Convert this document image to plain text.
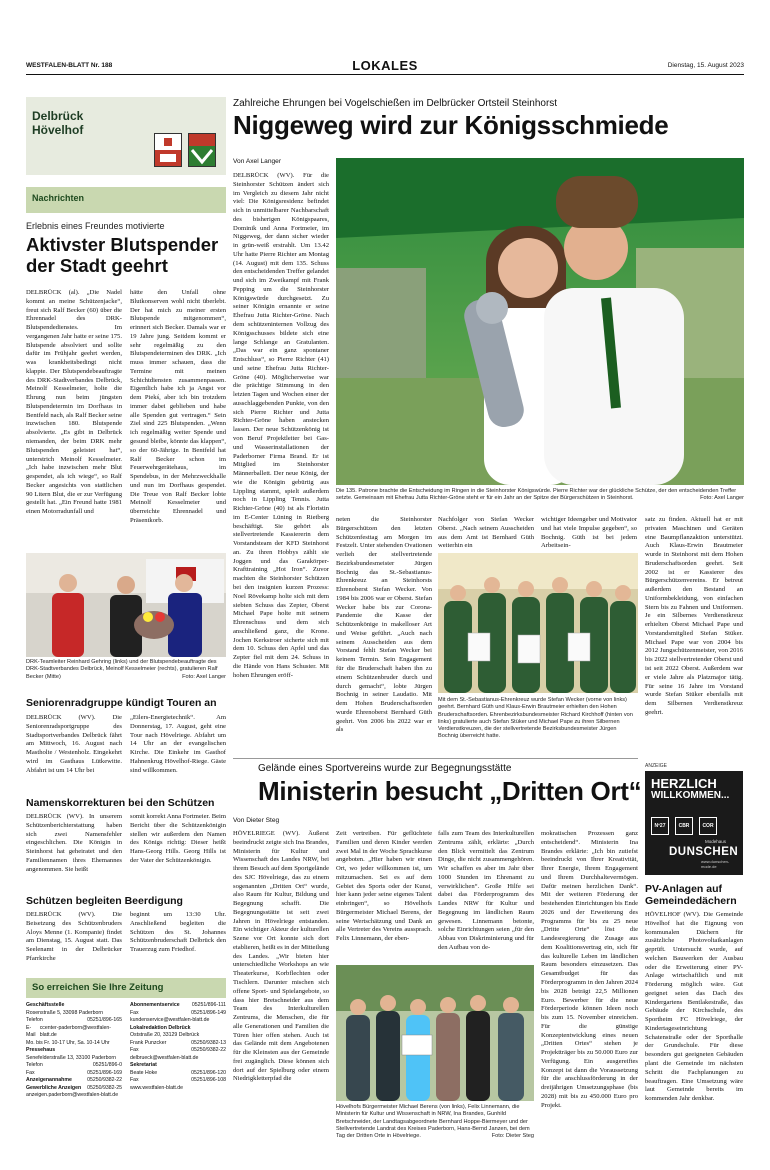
WESTFALEN-BLATT Nr. 188	LOKALES	Dienstag, 15. August 2023
Delbrück
Hövelhof
Nachrichten
Erlebnis eines Freundes motivierte
Aktivster Blutspender
der Stadt geehrt
DELBRÜCK (al). „Die Nadel kommt an meine Schützenjacke“, freut sich Ralf Becker (60) über die Ehrennadel des DRK-Blutspendedienstes. Im vergangenen Jahr hatte er seine 175. Blutspende absolviert und sollte dafür im Frühjahr geehrt werden, was krankheitsbedingt nicht klappte. Der Blutspendebeauftragte des DRK-Stadtverbandes Delbrück, Meinolf Kesselmeier, holte die Ehrung nun beim jüngsten Blutspendetermin im Dorfhaus in Bentfeld nach, als Ralf Becker seine inzwischen 180. Blutspende absolvierte. „Es gibt in Delbrück niemanden, der beim DRK mehr Blutspenden geleistet hat“, unterstrich Meinolf Kesselmeier. „Ich habe inzwischen mehr Blut gespendet, als ich wiege“, so Ralf Becker angesichts von stattlichen 90 Litern Blut, die er zur Verfügung gestellt hat. „Ein Freund hatte 1981 einen Motorradunfall und
hätte den Unfall ohne Blutkonserven wohl nicht überlebt. Der hat mich zu meiner ersten Blutspende mitgenommen“, erinnert sich Becker. Damals war er 19 Jahre jung. Seitdem kommt er sehr regelmäßig zu den Blutspendeterminen des DRK. „Ich muss immer schauen, dass die Termine mit meinen Schichtdiensten zusammenpassen. Eigentlich habe ich ja Angst vor dem Piekś, aber ich bin trotzdem immer dabei geblieben und habe alle Spenden gut vertragen.“ Sein Ziel sind 225 Blutspenden. „Wenn ich regelmäßig weiter Spende und gesund bleibe, könnte das klappen“, so der 60-Jährige. In Bentfeld hat Ralf Becker schon im Feuerwehrgerätehaus, im Spendebus, in der Mehrzweckhalle und nun im Dorfhaus gespendet. Die Treue von Ralf Becker lobte Meinolf Kesselmeier und überreichte Ehrennadel und Präsentkorb.
DRK-Teamleiter Reinhard Gehring (links) und der Blutspendebeauftragte des DRK-Stadtverbandes Delbrück, Meinolf Kesselmeier (rechts), gratulieren Ralf Becker (Mitte)	Foto: Axel Langer
Seniorenradgruppe kündigt Touren an
DELBRÜCK (WV). Die Seniorenradsportgruppe des Stadtsportverbandes Delbrück fährt am Mittwoch, 16. August nach Mastholte / Westenholz. Eingekehrt wird im Gasthaus Lütkewitte. Abfahrt ist um 14 Uhr bei
„Eilers-Energietechnik“. Am Donnerstag, 17. August, geht eine Tour nach Hövelriege. Abfahrt um 14 Uhr an der evangelischen Kirche. Die Einkehr im Gasthof Hahnenkrug Hövelhof-Riege. Gäste sind willkommen.
Namenskorrekturen bei den Schützen
DELBRÜCK (WV). In unserem Schützenberichterstattung haben sich zwei Namensfehler eingeschlichen. Die Königin in Steinhorst hat geheiratet und den Familiennamen ihres Ehemannes angenommen. Sie heißt
somit korrekt Anna Fortmeier. Beim Bericht über die Schützenkönigin stellen wir außerdem den Namen des Königs richtig: Dieser heißt Hans-Georg Hills. Georg Hills ist der Vater der Schützenkönigin.
Schützen begleiten Beerdigung
DELBRÜCK (WV). Die Beisetzung des Schützenbruders Aloys Menne (1. Kompanie) findet am Dienstag, 15. August statt. Das Seelenamt in der Delbrücker Pfarrkirche
beginnt um 13:30 Uhr. Anschließend begleiten die Schützen des St. Johannes Schützenbruderschaft Delbrück den Trauerzug zum Friedhof.
So erreichen Sie Ihre Zeitung
Geschäftsstelle
Rosenstraße 5, 33098 Paderborn
Telefon	05251/896-165
E-Mail
ccenter-paderborn@westfalen-blatt.de
Mo. bis Fr. 10-17 Uhr, Sa. 10-14 Uhr
Pressehaus
Senefelderstraße 13, 33100 Paderborn
Telefon	05251/896-0
Fax	05251/896-169
Anzeigenannahme	05250/9382-22
Gewerbliche Anzeigen 05250/9382-25
anzeigen.paderborn@westfalen-blatt.de
Abonnementservice 05251/896-111
Fax	05251/896-149
kundenservice@westfalen-blatt.de
Lokalredaktion Delbrück
Oststraße 20, 33129 Delbrück
Frank Punzcker	05250/9382-13
Fax	05250/9382-22
delbrueck@westfalen-blatt.de
Sekretariat
Beate Hoke	05251/896-120
Fax	05251/896-108
www.westfalen-blatt.de
Zahlreiche Ehrungen bei Vogelschießen im Delbrücker Ortsteil Steinhorst
Niggeweg wird zur Königsschmiede
Von Axel Langer
DELBRÜCK (WV). Für die Steinhorster Schützen ändert sich im Vergleich zu diesem Jahr nicht viel: Die Königsresidenz befindet sich in unmittelbarer Nachbarschaft des bisherigen Königspaares, Dominik und Anna Fortmeier, im Niggeweg, der dann sicher wieder in grün-weiß erstrahlt. Um 13.42 Uhr hatte Pierre Richter am Montag (14. August) mit dem 135. Schuss den entscheidenden Treffer gelandet und sich im Zweikampf mit Frank Pepping um die Steinhorster Königswürde durchgesetzt. Zu seiner Königin ernannte er seine Ehefrau Jutta Richter-Gröne. Nach dem schützeninternen Vollzug des Königsschusses bildete sich eine lange Schlange an Gratulanten. „Das war ein ganz spontaner Entschluss“, so Pierre Richter (41) und seine Ehefrau Jutta Richter-Gröne (40). Möglicherweise war die prächtige Stimmung in den letzten Tagen und Wochen einer der ausschlaggebenden Punkte, von den sich Pierre Richter und Jutta Richter-Gröne haben anstecken lassen. Der neue Schützenkönig ist von Beruf Projektleiter bei Gas- und Wasserinstallationen der Paderborner Firma Brand. Er ist Mitglied im Steinhorster Männerballett. Der neue König, der wie die Königin gebürtig aus Lippling stammt, spielt außerdem noch in Lippling Tennis. Jutta Richter-Gröne (40) ist als Floristin im E-Center Lüning in Rietberg beschäftigt. Sie gehört als stellvertretende Kassiererin dem Vorstandsteam der KFD Steinhorst an. Zu ihren Hobbys zählt sie Joggen und das Garakörper-Krafttraining „Hot Iron“. Zuvor machten die Steinhorster Schützen bei den insignien kurzen Prozess: Noel Rövekamp holte sich mit dem siebten Schuss das Zepter, Oberst Michael Pape holte mit seinem Ehrenschuss und dem sich anschließend ganz, die Krone. Jochen Kerkstroer sicherte sich mit dem 10. Schuss den Apfel und das Zepter fiel mit dem 24. Schuss in die Hände von Hans Schuster. Mit hohen Ehrungen eröff-
Die 135. Patrone brachte die Entscheidung im Ringen in die Steinhorster Königswürde. Pierre Richter war der glückliche Schütze, der den entscheidenden Treffer setzte. Gemeinsam mit Ehefrau Jutta Richter-Gröne steht er für ein Jahr an der Spitze der Bürgerschützen in Steinhorst.	Foto: Axel Langer
neten die Steinhorster Bürgerschützen den letzten Schützenfesttag am Morgen im Festzelt. Unter stehenden Ovationen verlieh der stellvertretende Bezirksbundesmeister Jürgen Bochnig das St.-Sebastianus-Ehrenkreuz an Steinhorsts Ehrenoberst Stefan Wecker. Von 1984 bis 2006 war er Oberst. Stefan Wecker habe bis zur Corona-Pandemie die Kasse der Schützenkönige in makelloser Art und Weise geführt. „Auch nach seinem Ausscheiden aus dem Vorstand fehlt Stefan Wecker bei keinem Termin. Sein Engagement für die Bruderschaft haben ihn zu einem Schützenbruder durch und durch gemacht“, lobte Jürgen Bochnig in seiner Laudatio. Mit dem Hohen Bruderschaftsorden wurde Ehrenoberst Bernhard Güth geehrt. Von 2006 bis 2022 war er als
Nachfolger von Stefan Wecker Oberst. „Nach seinem Ausscheiden aus dem Amt ist Bernhard Güth weiterhin ein
wichtiger Ideengeber und Motivator und hat viele Impulse gegeben“, so Bochnig. Güth ist bei jedem Arbeitsein-
Mit dem St.-Sebastianus-Ehrenkreuz wurde Stefan Wecker (vorne von links) geehrt. Bernhard Güth und Klaus-Erwin Brautmeier erhielten den Hohen Bruderschaftsorden. Ehrenbezirksbundesmeister Richard Kirchhoff (hinten von links) gratulierte auch Stefan Stüker und Michael Pape zu ihren Silbernen Verdienstkreuzen, die der stellvertretende Bezirksbundesmeister Jürgen Bochnig überreicht hatte.
satz zu finden. Aktuell hat er mit privaten Maschinen und Geräten eine Baumpflanzaktion unterstützt. Auch Klaus-Erwin Brautmeier wurde in Steinhorst mit dem Hohen Bruderschaftsorden geehrt. Seit 2002 ist er Kassierer des Bürgerschützenvereins. Er betreut außerdem den Bestand an Uniformbekleidung, von einfachen Stern bis zu Fahnen und Uniformen. Je ein Silbernes Verdienstkreuz erhielten Oberst Michael Pape und Vorstandsmitglied Stefan Stüker. Michael Pape war von 2004 bis 2012 Jungschützenmeister, von 2016 bis 2022 stellvertretender Oberst und ist seit 2022 Oberst. Außerdem war er viele Jahre als Platzmajor tätig. Für seine 16 Jahre im Vorstand wurde Stefan Stüker ebenfalls mit dem Silbernen Verdienstkreuz geehrt.
Gelände eines Sportvereins wurde zur Begegnungsstätte
Ministerin besucht „Dritten Ort“
Von Dieter Steg
HÖVELRIEGE (WV). Äußerst beeindruckt zeigte sich Ina Brandes, Ministerin für Kultur und Wissenschaft des Landes NRW, bei ihrem Besuch auf dem Sportgelände des SJC Hövelriege, das zu einem sogenannten „Dritten Ort“ wurde, also Raum für Kultur, Bildung und Begegnung schafft. Die Begegnungsstätte ist seit zwei Jahren in Hövelriege entstanden. Ein wichtiger Akteur der kulturellen Szene vor Ort konnte sich dort etablieren, heißt es in der Mitteilung des Landes. „Wir bieten hier unterschiedliche Workshops an wie Theaterkurse, Korbflechten oder Tischlern. Darunter mischen sich offene Sport- und Spielangebote, so dass hier Bretschneider aus dem Team des Interkulturellen Zentrums, die Menschen, die für alle Generationen und Familien die Türen hier offen stehen. Auch ist das Gelände mit dem Angebotenen für die Kleinsten aus der Gemeinde frei zugänglich. Diese können sich dort auf der Spielburg oder einem Niedrigkletterpfad die
Zeit vertreiben. Für geflüchtete Familien und deren Kinder werden zwei Mal in der Woche Sprachkurse angeboten. „Hier haben wir einen Ort, wo jeder willkommen ist, um mitzumachen. Sei es auf dem Gebiet des Sports oder der Kunst, hier kann jeder seine eigenes Talent einbringen“, so Hövelhofs Bürgermeister Michael Berens, der seine Wertschätzung und Dank an alle Vertreter des Vereins aussprach. Felix Linnemann, der eben-
falls zum Team des Interkulturellen Zentrums zählt, erklärte: „Durch den Blick vermittelt das Zentrum Dinge, die nicht zusammengehören. Wir schaffen es aber im Jahr über 1000 Stunden im Ehrenamt zu verwirklichen“. Große Hilfe sei dabei das Förderprogramm des Landes NRW für Kultur und Begegnung im ländlichen Raum gewesen. Linnemann betonte, solche Einrichtungen seien „für den Abbau von Diskriminierung und für den Aufbau von de-
mokratischen Prozessen ganz entscheidend“. Ministerin Ina Brandes erklärte: „Ich bin zutiefst beeindruckt von Ihrer Kreativität, Ihrer Energie, Ihrem Engagement und Ihrem Durchhaltevermögen. Dafür meinen herzlichen Dank“. Mit der weiteren Förderung der bestehenden Einrichtungen bis Ende 2026 und der Erweiterung des Programms für bis zu 25 neue „Dritte Orte“ löst die Landesregierung die Zusage aus dem Koalitionsvertrag ein, sich für das kulturelle Leben im ländlichen Raum besonders einzusetzen. Das Gesamtbudget für das Förderprogramm in den Jahren 2024 bis 2028 beträgt 22,5 Millionen Euro. Bewerber für die neue Förderperiode können Ideen noch bis zum 15. November einreichen. Für die günstige Konzeptentwicklung eines neuen „Dritten Ortes“ stehen je Projektträger bis zu 50.000 Euro zur Verfügung. Ein ausgereiftes Konzept ist dann die Voraussetzung für die anschlussförderung in der dreijährigen Umsetzungsphase (bis 2028) mit bis zu 450.000 Euro pro Projekt.
Hövelhofs Bürgermeister Michael Berens (von links), Felix Linnemann, die Ministerin für Kultur und Wissenschaft in NRW, Ina Brandes, Gunhild Bretschneider, der Landtagsabgeordnete Bernhard Hoppe-Biermeyer und der Stellvertretende Landrat des Kreises Paderborn, Hans-Bernd Janzen, bei dem Tag der Dritten Orte in Hövelriege.	Foto: Dieter Steg
ANZEIGE
HERZLICH
WILLKOMMEN...
Modehaus
DUNSCHEN
www.dunschen-mode.de
Nº27	CBR	COR
PV-Anlagen auf Gemeindedächern
HÖVELHOF (WV). Die Gemeinde Hövelhof hat die Eignung von kommunalen Dächern für zusätzliche Photovoltaikanlagen geprüft. Untersucht wurde, auf welchen Bauwerken der Ausbau oder die Erweiterung einer PV-Anlage wirtschaftlich und mit Förderung möglich wäre. Gut geeignet seien das Dach des Kindergartens Bentlakestraße, das Gebäude der Kirchschule, des Sportheim FC Hövelriege, der Kindertageseinrichtung Schatenstraße oder der Sporthalle der Grundschule. Für diese besonders gut geeigneten Gebäuden plant die Gemeinde im nächsten Schritt die Fachplanungen zu beauftragen. Eine Umsetzung wäre laut Gemeinde bereits im kommenden Jahr denkbar.
